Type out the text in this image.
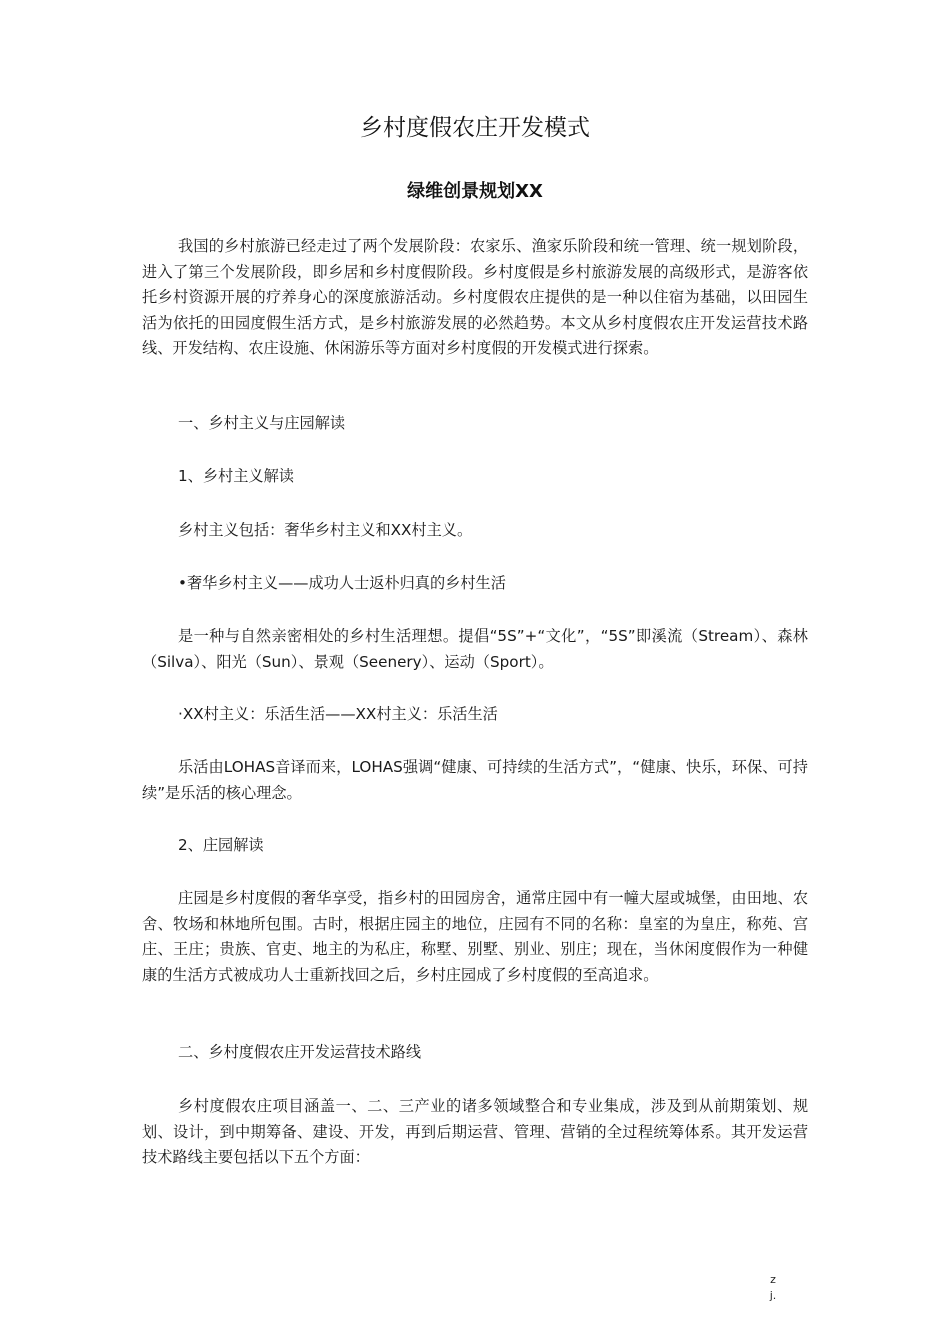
乡村度假农庄开发模式
绿维创景规划XX

我国的乡村旅游已经走过了两个发展阶段：农家乐、渔家乐阶段和统一管理、统一规划阶段，进入了第三个发展阶段，即乡居和乡村度假阶段。乡村度假是乡村旅游发展的高级形式，是游客依托乡村资源开展的疗养身心的深度旅游活动。乡村度假农庄提供的是一种以住宿为基础，以田园生活为依托的田园度假生活方式，是乡村旅游发展的必然趋势。本文从乡村度假农庄开发运营技术路线、开发结构、农庄设施、休闲游乐等方面对乡村度假的开发模式进行探索。

一、乡村主义与庄园解读

1、乡村主义解读

乡村主义包括：奢华乡村主义和XX村主义。

•奢华乡村主义——成功人士返朴归真的乡村生活

是一种与自然亲密相处的乡村生活理想。提倡“5S”+“文化”，“5S”即溪流（Stream）、森林（Silva）、阳光（Sun）、景观（Seenery）、运动（Sport）。

·XX村主义：乐活生活——XX村主义：乐活生活

乐活由LOHAS音译而来，LOHAS强调“健康、可持续的生活方式”，“健康、快乐，环保、可持续”是乐活的核心理念。

2、庄园解读

庄园是乡村度假的奢华享受，指乡村的田园房舍，通常庄园中有一幢大屋或城堡，由田地、农舍、牧场和林地所包围。古时，根据庄园主的地位，庄园有不同的名称：皇室的为皇庄，称苑、宫庄、王庄；贵族、官吏、地主的为私庄，称墅、别墅、别业、别庄；现在，当休闲度假作为一种健康的生活方式被成功人士重新找回之后，乡村庄园成了乡村度假的至高追求。

二、乡村度假农庄开发运营技术路线

乡村度假农庄项目涵盖一、二、三产业的诸多领域整合和专业集成，涉及到从前期策划、规划、设计，到中期筹备、建设、开发，再到后期运营、管理、营销的全过程统筹体系。其开发运营技术路线主要包括以下五个方面：

zj.
